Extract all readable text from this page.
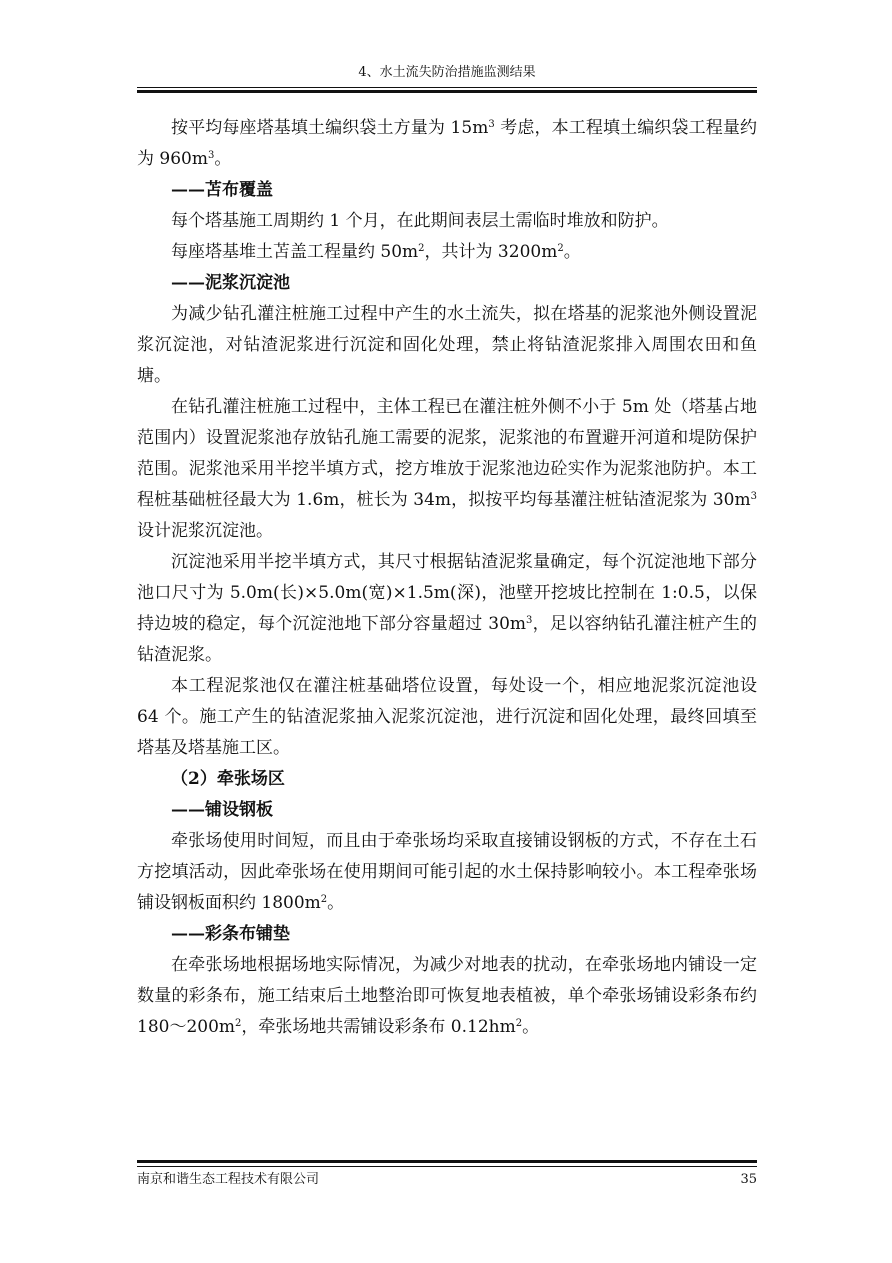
4、水土流失防治措施监测结果

按平均每座塔基填土编织袋土方量为 $15m^3$ 考虑，本工程填土编织袋工程量约为 $960m^3$。

——苫布覆盖

每个塔基施工周期约 1 个月，在此期间表层土需临时堆放和防护。

每座塔基堆土苫盖工程量约 $50m^2$，共计为 $3200m^2$。

——泥浆沉淀池

为减少钻孔灌注桩施工过程中产生的水土流失，拟在塔基的泥浆池外侧设置泥浆沉淀池，对钻渣泥浆进行沉淀和固化处理，禁止将钻渣泥浆排入周围农田和鱼塘。

在钻孔灌注桩施工过程中，主体工程已在灌注桩外侧不小于 5m 处（塔基占地范围内）设置泥浆池存放钻孔施工需要的泥浆，泥浆池的布置避开河道和堤防保护范围。泥浆池采用半挖半填方式，挖方堆放于泥浆池边砼实作为泥浆池防护。本工程桩基础桩径最大为 1.6m，桩长为 34m，拟按平均每基灌注桩钻渣泥浆为 $30m^3$ 设计泥浆沉淀池。

沉淀池采用半挖半填方式，其尺寸根据钻渣泥浆量确定，每个沉淀池地下部分池口尺寸为 5.0m(长)×5.0m(宽)×1.5m(深)，池壁开挖坡比控制在 1:0.5，以保持边坡的稳定，每个沉淀池地下部分容量超过 $30m^3$，足以容纳钻孔灌注桩产生的钻渣泥浆。

本工程泥浆池仅在灌注桩基础塔位设置，每处设一个，相应地泥浆沉淀池设 64 个。施工产生的钻渣泥浆抽入泥浆沉淀池，进行沉淀和固化处理，最终回填至塔基及塔基施工区。

（2）牵张场区

——铺设钢板

牵张场使用时间短，而且由于牵张场均采取直接铺设钢板的方式，不存在土石方挖填活动，因此牵张场在使用期间可能引起的水土保持影响较小。本工程牵张场铺设钢板面积约 $1800m^2$。

——彩条布铺垫

在牵张场地根据场地实际情况，为减少对地表的扰动，在牵张场地内铺设一定数量的彩条布，施工结束后土地整治即可恢复地表植被，单个牵张场铺设彩条布约 $180\sim 200m^2$，牵张场地共需铺设彩条布 $0.12hm^2$。

南京和谐生态工程技术有限公司	35
